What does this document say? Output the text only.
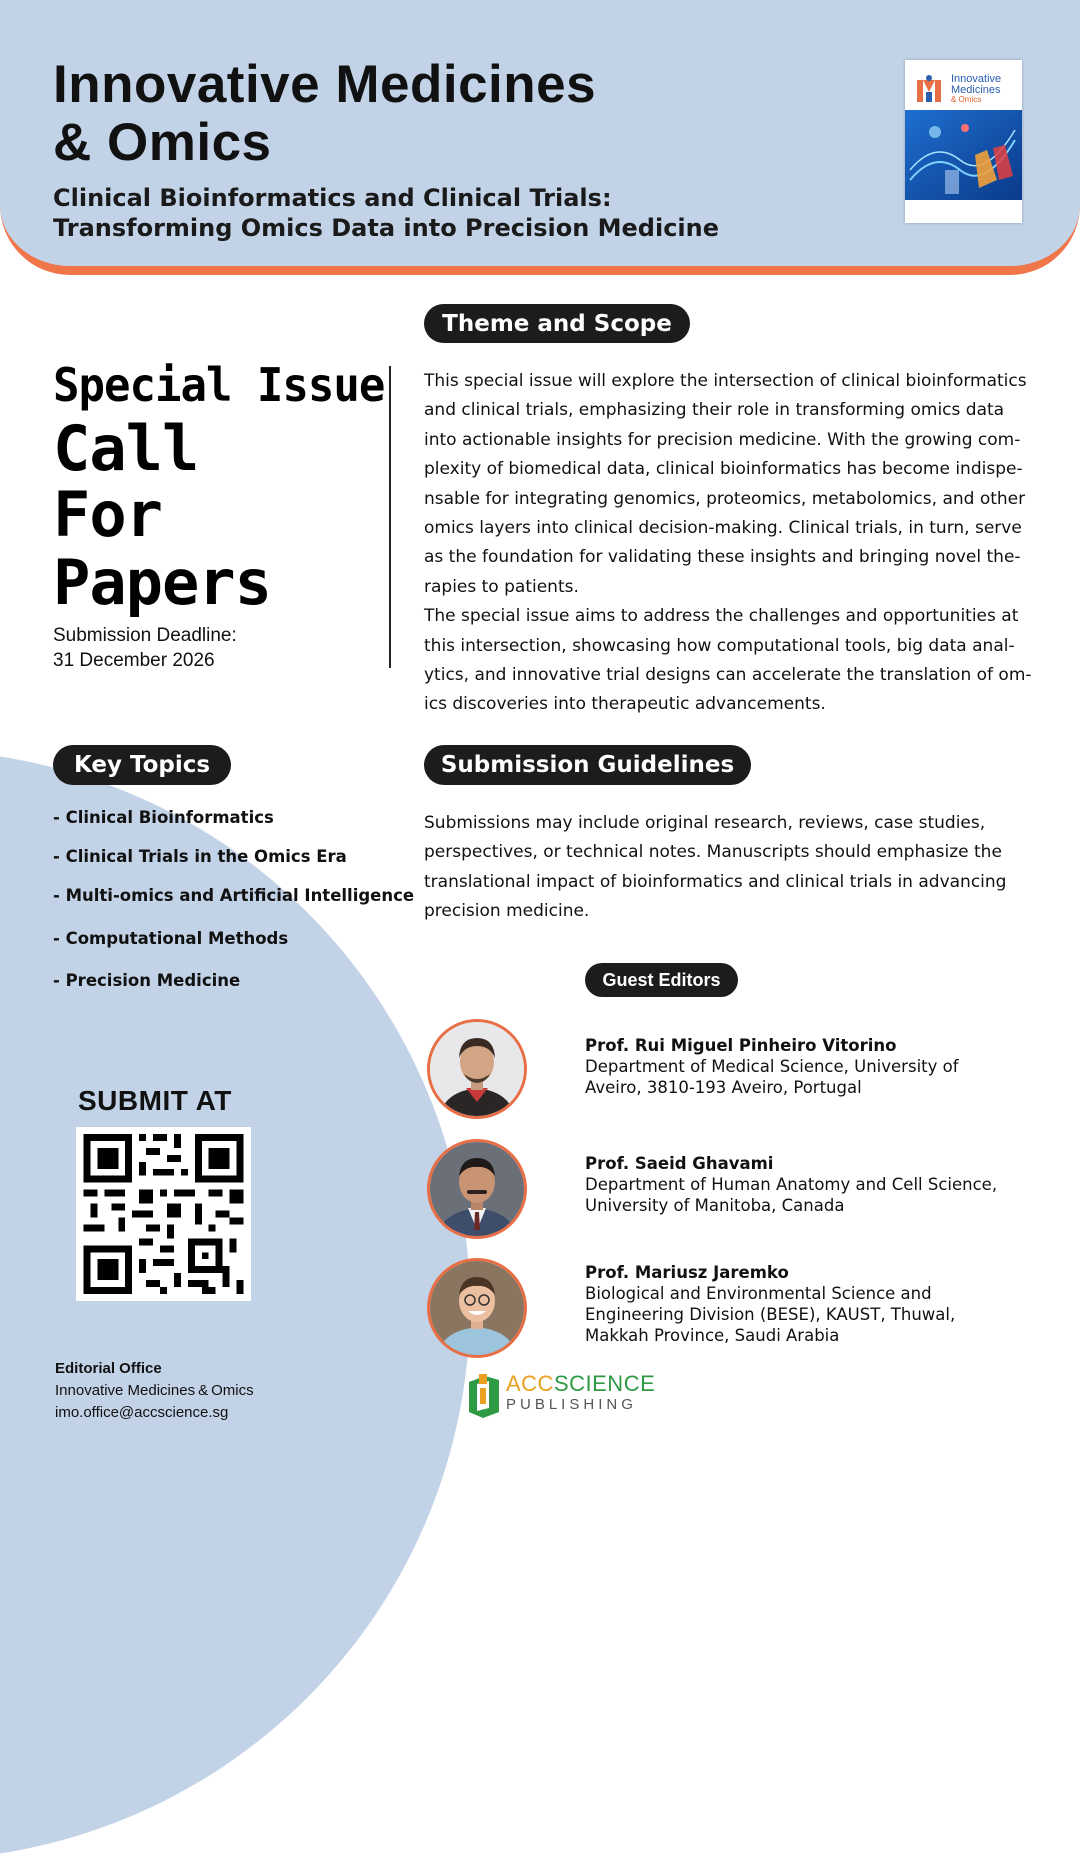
Innovative Medicines
& Omics
Clinical Bioinformatics and Clinical Trials:
Transforming Omics Data into Precision Medicine
Innovative
Medicines
& Omics
Theme and Scope
Special Issue
Call
For
Papers
Submission Deadline:
31 December 2026

This special issue will explore the intersection of clinical bioinformatics and clinical trials, emphasizing their role in transforming omics data into actionable insights for precision medicine. With the growing com-plexity of biomedical data, clinical bioinformatics has become indispe-nsable for integrating genomics, proteomics, metabolomics, and other omics layers into clinical decision-making. Clinical trials, in turn, serve as the foundation for validating these insights and bringing novel the-rapies to patients.

The special issue aims to address the challenges and opportunities at this intersection, showcasing how computational tools, big data anal-ytics, and innovative trial designs can accelerate the translation of om-ics discoveries into therapeutic advancements.

Key Topics
- Clinical Bioinformatics
- Clinical Trials in the Omics Era
- Multi-omics and Artificial Intelligence
- Computational Methods
- Precision Medicine
Submission Guidelines

Submissions may include original research, reviews, case studies, perspectives, or technical notes. Manuscripts should emphasize the translational impact of bioinformatics and clinical trials in advancing precision medicine.

SUBMIT AT
Editorial Office
Innovative Medicines & Omics
imo.office@accscience.sg
Guest Editors
Prof. Rui Miguel Pinheiro Vitorino
Department of Medical Science, University of
Aveiro, 3810-193 Aveiro, Portugal
Prof. Saeid Ghavami
Department of Human Anatomy and Cell Science,
University of Manitoba, Canada
Prof. Mariusz Jaremko
Biological and Environmental Science and
Engineering Division (BESE), KAUST, Thuwal,
Makkah Province, Saudi Arabia
ACCSCIENCE
PUBLISHING
